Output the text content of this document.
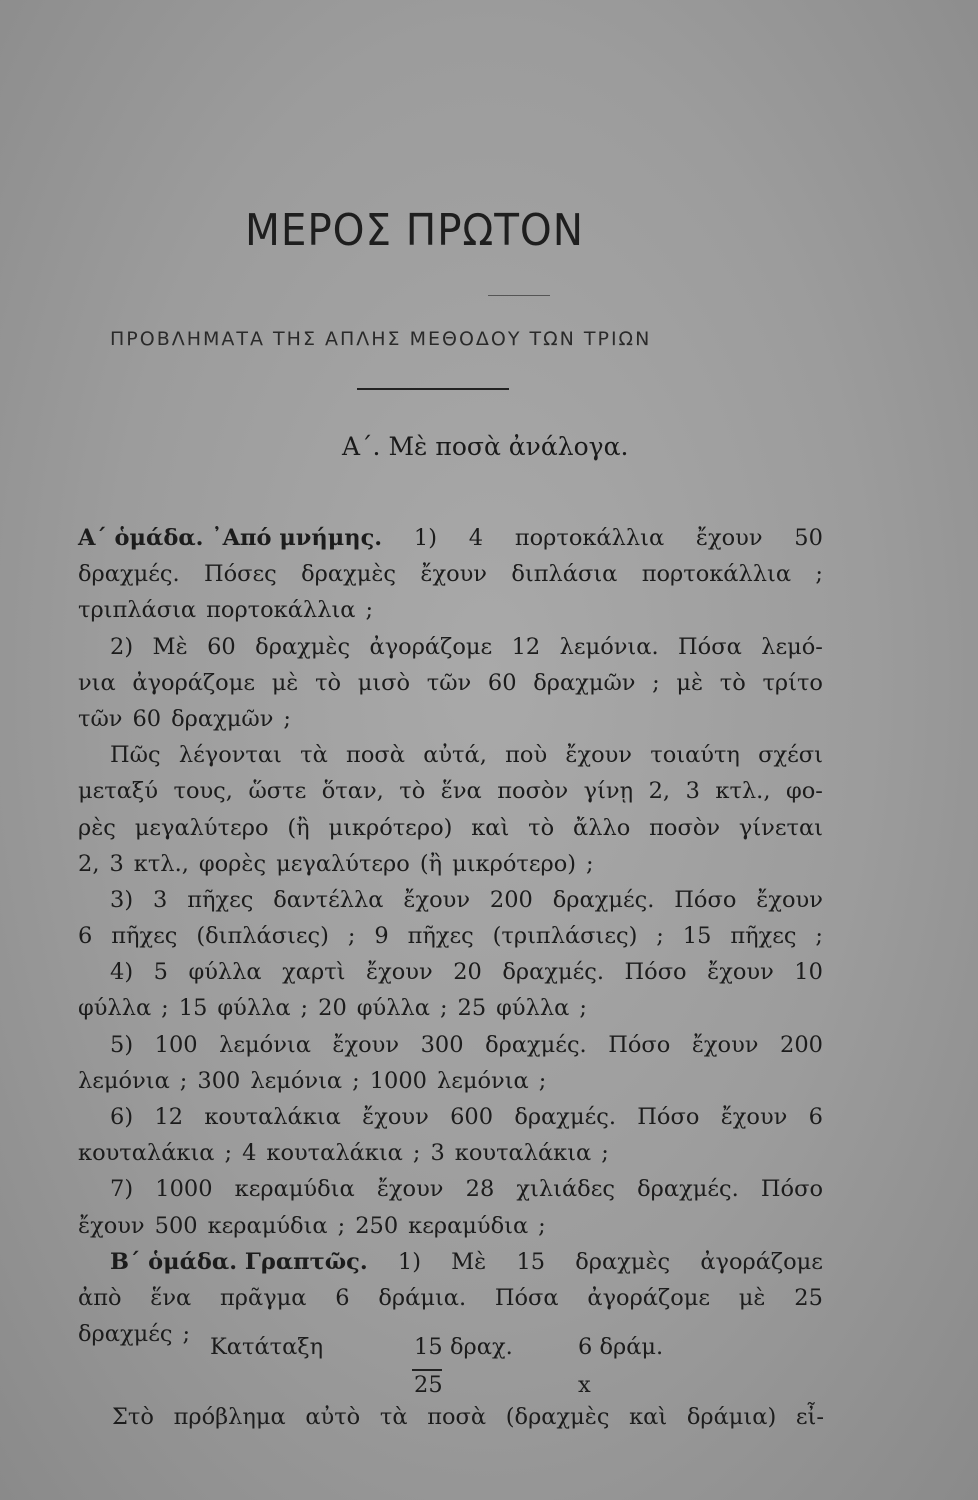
ΜΕΡΟΣ ΠΡΩΤΟΝ
ΠΡΟΒΛΗΜΑΤΑ ΤΗΣ ΑΠΛΗΣ ΜΕΘΟΔΟΥ ΤΩΝ ΤΡΙΩΝ
Α΄. Μὲ ποσὰ ἀνάλογα.
Α΄ ὁμάδα. ᾿Από μνήμης. 1) 4 πορτοκάλλια ἔχουν 50
δραχμές. Πόσες δραχμὲς ἔχουν διπλάσια πορτοκάλλια ;
τριπλάσια πορτοκάλλια ;
2) Μὲ 60 δραχμὲς ἀγοράζομε 12 λεμόνια. Πόσα λεμό-
νια ἀγοράζομε μὲ τὸ μισὸ τῶν 60 δραχμῶν ; μὲ τὸ τρίτο
τῶν 60 δραχμῶν ;
Πῶς λέγονται τὰ ποσὰ αὐτά, ποὺ ἔχουν τοιαύτη σχέσι
μεταξύ τους, ὥστε ὅταν, τὸ ἕνα ποσὸν γίνῃ 2, 3 κτλ., φο-
ρὲς μεγαλύτερο (ἢ μικρότερο) καὶ τὸ ἄλλο ποσὸν γίνεται
2, 3 κτλ., φορὲς μεγαλύτερο (ἢ μικρότερο) ;
3) 3 πῆχες δαντέλλα ἔχουν 200 δραχμές. Πόσο ἔχουν
6 πῆχες (διπλάσιες) ; 9 πῆχες (τριπλάσιες) ; 15 πῆχες ;
4) 5 φύλλα χαρτὶ ἔχουν 20 δραχμές. Πόσο ἔχουν 10
φύλλα ; 15 φύλλα ; 20 φύλλα ; 25 φύλλα ;
5) 100 λεμόνια ἔχουν 300 δραχμές. Πόσο ἔχουν 200
λεμόνια ; 300 λεμόνια ; 1000 λεμόνια ;
6) 12 κουταλάκια ἔχουν 600 δραχμές. Πόσο ἔχουν 6
κουταλάκια ; 4 κουταλάκια ; 3 κουταλάκια ;
7) 1000 κεραμύδια ἔχουν 28 χιλιάδες δραχμές. Πόσο
ἔχουν 500 κεραμύδια ; 250 κεραμύδια ;
Β΄ ὁμάδα. Γραπτῶς. 1) Μὲ 15 δραχμὲς ἀγοράζομε
ἀπὸ ἕνα πρᾶγμα 6 δράμια. Πόσα ἀγοράζομε μὲ 25
δραχμές ; Κατάταξη	15
25
δραχ.	6 δράμ.
x
Στὸ πρόβλημα αὐτὸ τὰ ποσὰ (δραχμὲς καὶ δράμια) εἶ-
